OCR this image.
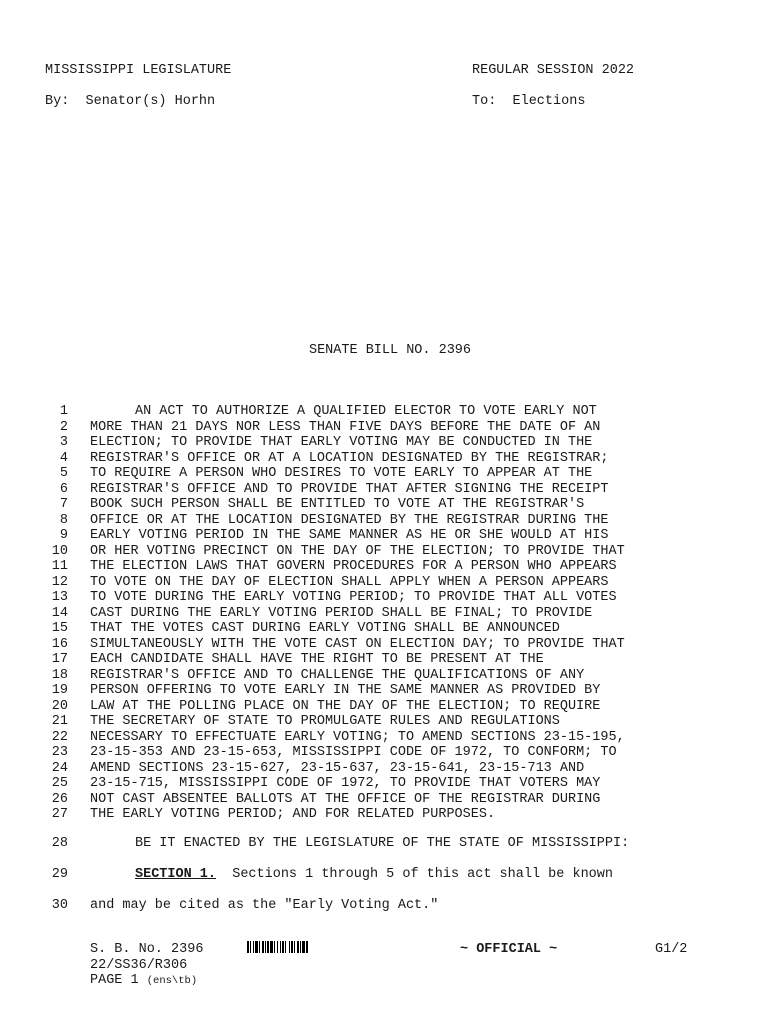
MISSISSIPPI LEGISLATURE	REGULAR SESSION 2022
By:  Senator(s) Horhn	To:  Elections
SENATE BILL NO. 2396
1	AN ACT TO AUTHORIZE A QUALIFIED ELECTOR TO VOTE EARLY NOT
2 MORE THAN 21 DAYS NOR LESS THAN FIVE DAYS BEFORE THE DATE OF AN
3 ELECTION; TO PROVIDE THAT EARLY VOTING MAY BE CONDUCTED IN THE
4 REGISTRAR'S OFFICE OR AT A LOCATION DESIGNATED BY THE REGISTRAR;
5 TO REQUIRE A PERSON WHO DESIRES TO VOTE EARLY TO APPEAR AT THE
6 REGISTRAR'S OFFICE AND TO PROVIDE THAT AFTER SIGNING THE RECEIPT
7 BOOK SUCH PERSON SHALL BE ENTITLED TO VOTE AT THE REGISTRAR'S
8 OFFICE OR AT THE LOCATION DESIGNATED BY THE REGISTRAR DURING THE
9 EARLY VOTING PERIOD IN THE SAME MANNER AS HE OR SHE WOULD AT HIS
10 OR HER VOTING PRECINCT ON THE DAY OF THE ELECTION; TO PROVIDE THAT
11 THE ELECTION LAWS THAT GOVERN PROCEDURES FOR A PERSON WHO APPEARS
12 TO VOTE ON THE DAY OF ELECTION SHALL APPLY WHEN A PERSON APPEARS
13 TO VOTE DURING THE EARLY VOTING PERIOD; TO PROVIDE THAT ALL VOTES
14 CAST DURING THE EARLY VOTING PERIOD SHALL BE FINAL; TO PROVIDE
15 THAT THE VOTES CAST DURING EARLY VOTING SHALL BE ANNOUNCED
16 SIMULTANEOUSLY WITH THE VOTE CAST ON ELECTION DAY; TO PROVIDE THAT
17 EACH CANDIDATE SHALL HAVE THE RIGHT TO BE PRESENT AT THE
18 REGISTRAR'S OFFICE AND TO CHALLENGE THE QUALIFICATIONS OF ANY
19 PERSON OFFERING TO VOTE EARLY IN THE SAME MANNER AS PROVIDED BY
20 LAW AT THE POLLING PLACE ON THE DAY OF THE ELECTION; TO REQUIRE
21 THE SECRETARY OF STATE TO PROMULGATE RULES AND REGULATIONS
22 NECESSARY TO EFFECTUATE EARLY VOTING; TO AMEND SECTIONS 23-15-195,
23 23-15-353 AND 23-15-653, MISSISSIPPI CODE OF 1972, TO CONFORM; TO
24 AMEND SECTIONS 23-15-627, 23-15-637, 23-15-641, 23-15-713 AND
25 23-15-715, MISSISSIPPI CODE OF 1972, TO PROVIDE THAT VOTERS MAY
26 NOT CAST ABSENTEE BALLOTS AT THE OFFICE OF THE REGISTRAR DURING
27 THE EARLY VOTING PERIOD; AND FOR RELATED PURPOSES.
28	BE IT ENACTED BY THE LEGISLATURE OF THE STATE OF MISSISSIPPI:
29	SECTION 1.  Sections 1 through 5 of this act shall be known
30 and may be cited as the "Early Voting Act."
S. B. No. 2396	~ OFFICIAL ~	G1/2
22/SS36/R306
PAGE 1 (ens\tb)
